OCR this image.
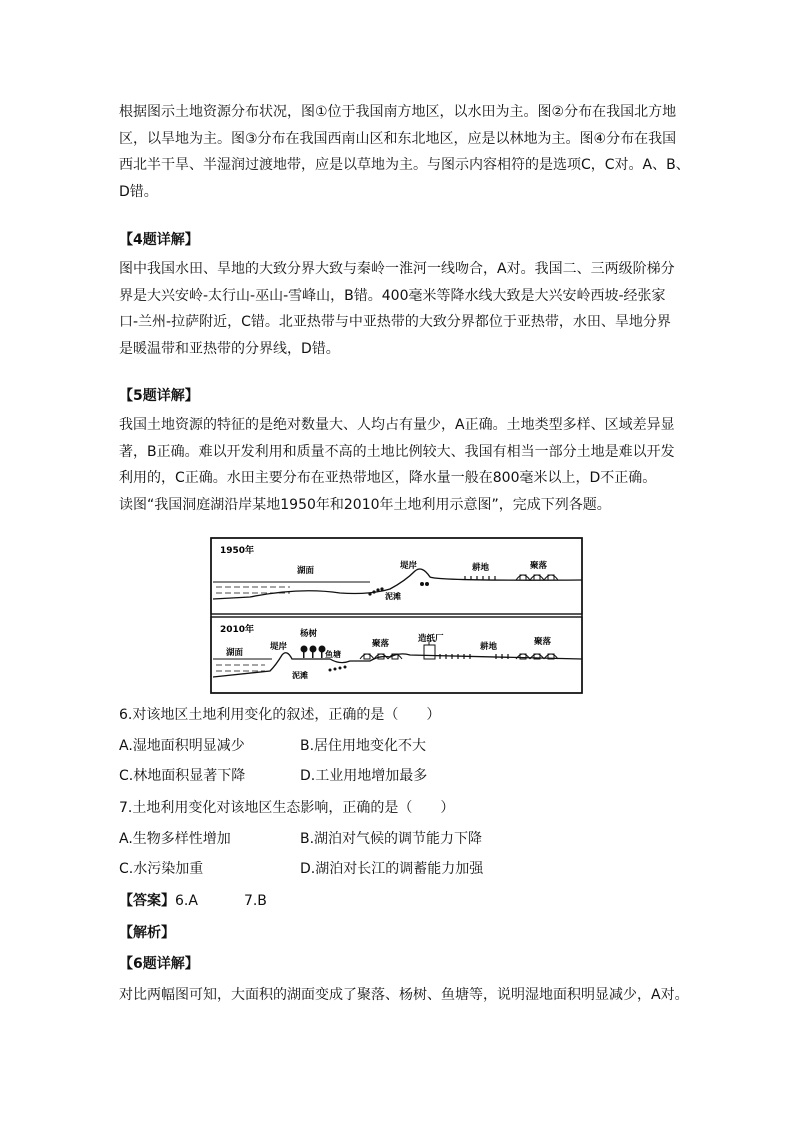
根据图示土地资源分布状况，图①位于我国南方地区，以水田为主。图②分布在我国北方地
区，以旱地为主。图③分布在我国西南山区和东北地区，应是以林地为主。图④分布在我国
西北半干旱、半湿润过渡地带，应是以草地为主。与图示内容相符的是选项C，C对。A、B、
D错。
【4题详解】
图中我国水田、旱地的大致分界大致与秦岭一淮河一线吻合，A对。我国二、三两级阶梯分
界是大兴安岭-太行山-巫山-雪峰山，B错。400毫米等降水线大致是大兴安岭西坡-经张家
口-兰州-拉萨附近，C错。北亚热带与中亚热带的大致分界都位于亚热带，水田、旱地分界
是暖温带和亚热带的分界线，D错。
【5题详解】
我国土地资源的特征的是绝对数量大、人均占有量少，A正确。土地类型多样、区域差异显
著，B正确。难以开发利用和质量不高的土地比例较大、我国有相当一部分土地是难以开发
利用的，C正确。水田主要分布在亚热带地区，降水量一般在800毫米以上，D不正确。
读图“我国洞庭湖沿岸某地1950年和2010年土地利用示意图”，完成下列各题。
1950年
湖面	堤岸	耕地	聚落
泥滩
2010年	杨树
堤岸
湖面	鱼塘
聚落	造纸厂
耕地	聚落
泥滩
6.对该地区土地利用变化的叙述，正确的是（　　）
A.湿地面积明显减少	B.居住用地变化不大
C.林地面积显著下降	D.工业用地增加最多
7.土地利用变化对该地区生态影响，正确的是（　　）
A.生物多样性增加	B.湖泊对气候的调节能力下降
C.水污染加重	D.湖泊对长江的调蓄能力加强
【答案】6.A	7.B
【解析】
【6题详解】
对比两幅图可知，大面积的湖面变成了聚落、杨树、鱼塘等，说明湿地面积明显减少，A对。
